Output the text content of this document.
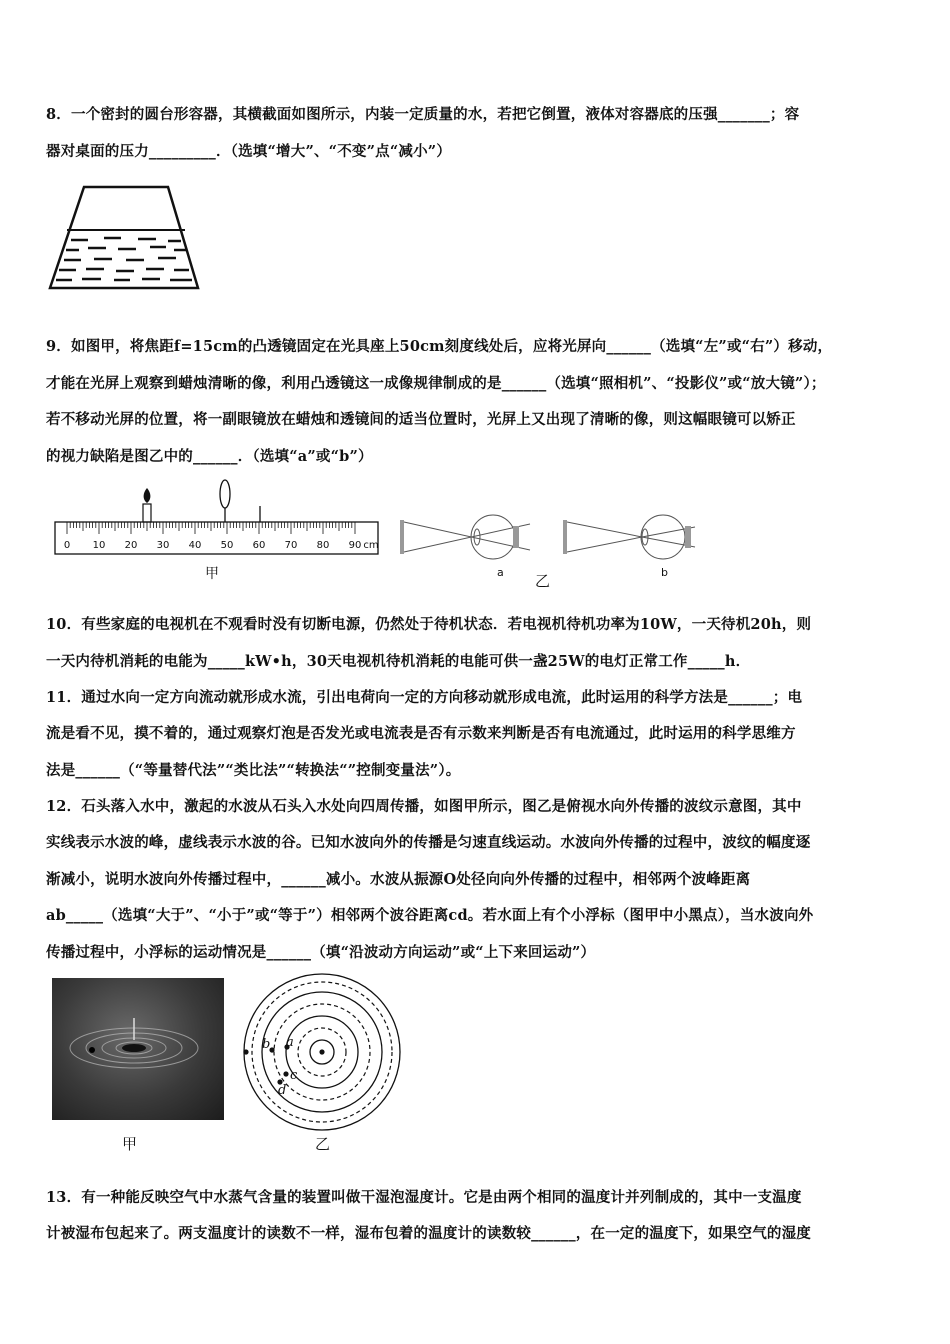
8．一个密封的圆台形容器，其横截面如图所示，内装一定质量的水，若把它倒置，液体对容器底的压强_______；容
器对桌面的压力_________．（选填“增大”、“不变”点“减小”）
9．如图甲，将焦距f=15cm的凸透镜固定在光具座上50cm刻度线处后，应将光屏向______（选填“左”或“右”）移动，
才能在光屏上观察到蜡烛清晰的像，利用凸透镜这一成像规律制成的是______（选填“照相机”、“投影仪”或“放大镜”）；
若不移动光屏的位置，将一副眼镜放在蜡烛和透镜间的适当位置时，光屏上又出现了清晰的像，则这幅眼镜可以矫正
的视力缺陷是图乙中的______．（选填“a”或“b”）
0 10 20 30 40 50 60 70 80 90 cm
甲	a 乙	b
10．有些家庭的电视机在不观看时没有切断电源，仍然处于待机状态．若电视机待机功率为10W，一天待机20h，则
一天内待机消耗的电能为_____kW•h，30天电视机待机消耗的电能可供一盏25W的电灯正常工作_____h．
11．通过水向一定方向流动就形成水流，引出电荷向一定的方向移动就形成电流，此时运用的科学方法是______；电
流是看不见，摸不着的，通过观察灯泡是否发光或电流表是否有示数来判断是否有电流通过，此时运用的科学思维方
法是______（“等量替代法”“类比法”“转换法“”控制变量法”）。
12．石头落入水中，激起的水波从石头入水处向四周传播，如图甲所示，图乙是俯视水向外传播的波纹示意图，其中
实线表示水波的峰，虚线表示水波的谷。已知水波向外的传播是匀速直线运动。水波向外传播的过程中，波纹的幅度逐
渐减小，说明水波向外传播过程中，______减小。水波从振源O处径向向外传播的过程中，相邻两个波峰距离
ab_____（选填“大于”、“小于”或“等于”）相邻两个波谷距离cd。若水面上有个小浮标（图甲中小黑点），当水波向外
传播过程中，小浮标的运动情况是______（填“沿波动方向运动”或“上下来回运动”）
甲
b a
c
d
乙
13．有一种能反映空气中水蒸气含量的装置叫做干湿泡湿度计。它是由两个相同的温度计并列制成的，其中一支温度
计被湿布包起来了。两支温度计的读数不一样，湿布包着的温度计的读数较______，在一定的温度下，如果空气的湿度
